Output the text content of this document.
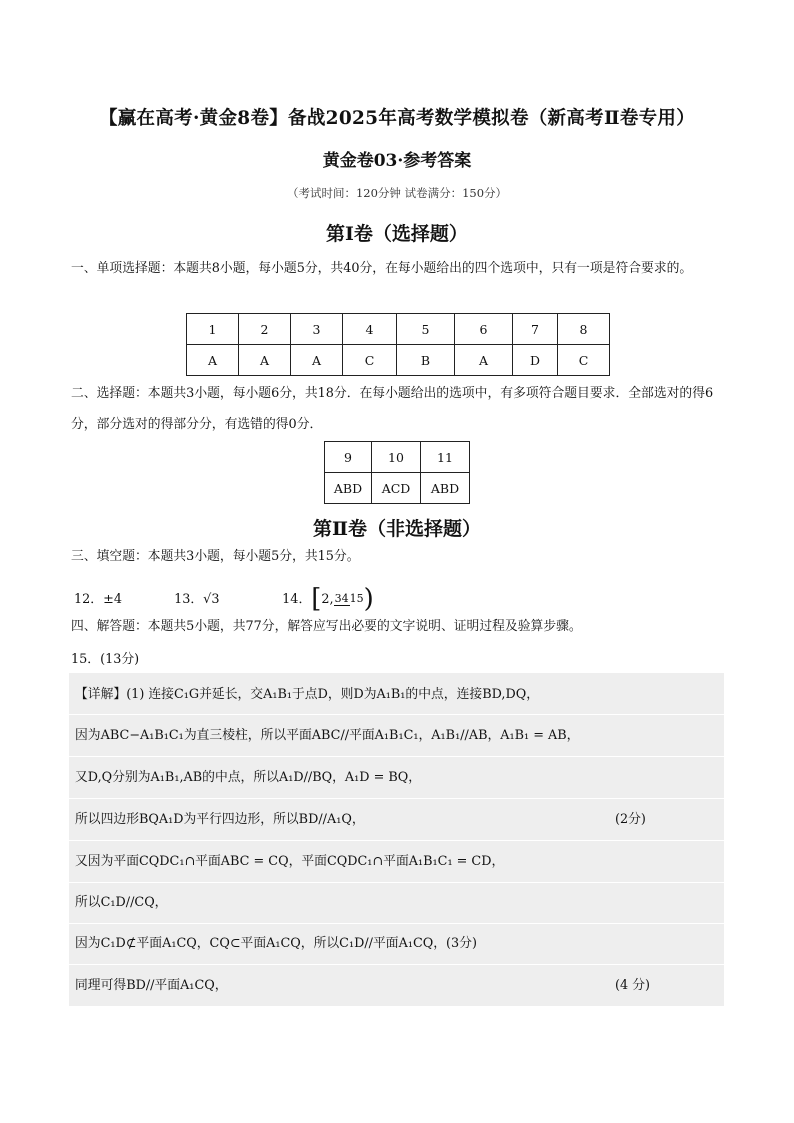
【赢在高考·黄金8卷】备战2025年高考数学模拟卷（新高考Ⅱ卷专用）
黄金卷03·参考答案
（考试时间：120分钟 试卷满分：150分）
第Ⅰ卷（选择题）
一、单项选择题：本题共8小题，每小题5分，共40分，在每小题给出的四个选项中，只有一项是符合要求的。
1	2	3	4	5	6	7	8
A	A	A	C	B	A	D	C
二、选择题：本题共3小题，每小题6分，共18分．在每小题给出的选项中，有多项符合题目要求．全部选对的得6分，部分选对的得部分分，有选错的得0分．
9	10	11
ABD	ACD	ABD
第Ⅱ卷（非选择题）
三、填空题：本题共3小题，每小题5分，共15分。
12．±4	13．√3	14．[2,3415)
四、解答题：本题共5小题，共77分，解答应写出必要的文字说明、证明过程及验算步骤。
15．(13分)
【详解】(1) 连接C₁G并延长，交A₁B₁于点D，则D为A₁B₁的中点，连接BD,DQ，
因为ABC−A₁B₁C₁为直三棱柱，所以平面ABC//平面A₁B₁C₁，A₁B₁//AB，A₁B₁ = AB，
又D,Q分别为A₁B₁,AB的中点，所以A₁D//BQ，A₁D = BQ，
所以四边形BQA₁D为平行四边形，所以BD//A₁Q，	(2分)
又因为平面CQDC₁∩平面ABC = CQ，平面CQDC₁∩平面A₁B₁C₁ = CD，
所以C₁D//CQ，
因为C₁D⊄平面A₁CQ，CQ⊂平面A₁CQ，所以C₁D//平面A₁CQ，(3分)
同理可得BD//平面A₁CQ，	(4 分)
